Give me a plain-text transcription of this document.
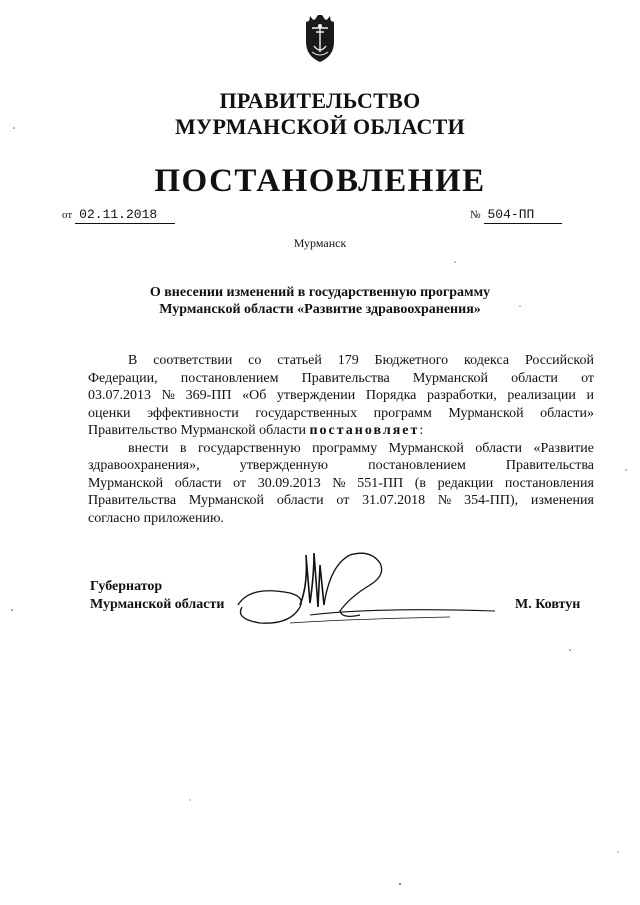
ПРАВИТЕЛЬСТВО
МУРМАНСКОЙ ОБЛАСТИ
ПОСТАНОВЛЕНИЕ
от 02.11.2018	№ 504-ПП
Мурманск
О внесении изменений в государственную программу
Мурманской области «Развитие здравоохранения»
В соответствии со статьей 179 Бюджетного кодекса Российской
Федерации, постановлением Правительства Мурманской области от
03.07.2013 № 369-ПП «Об утверждении Порядка разработки, реализации и
оценки эффективности государственных программ Мурманской области»
Правительство Мурманской области
постановляет :
внести в государственную программу Мурманской области «Развитие
здравоохранения»,	утвержденную	постановлением	Правительства
Мурманской области от 30.09.2013 № 551-ПП (в редакции постановления
Правительства Мурманской области от 31.07.2018 № 354-ПП), изменения
согласно приложению.
Губернатор
Мурманской области	М. Ковтун
